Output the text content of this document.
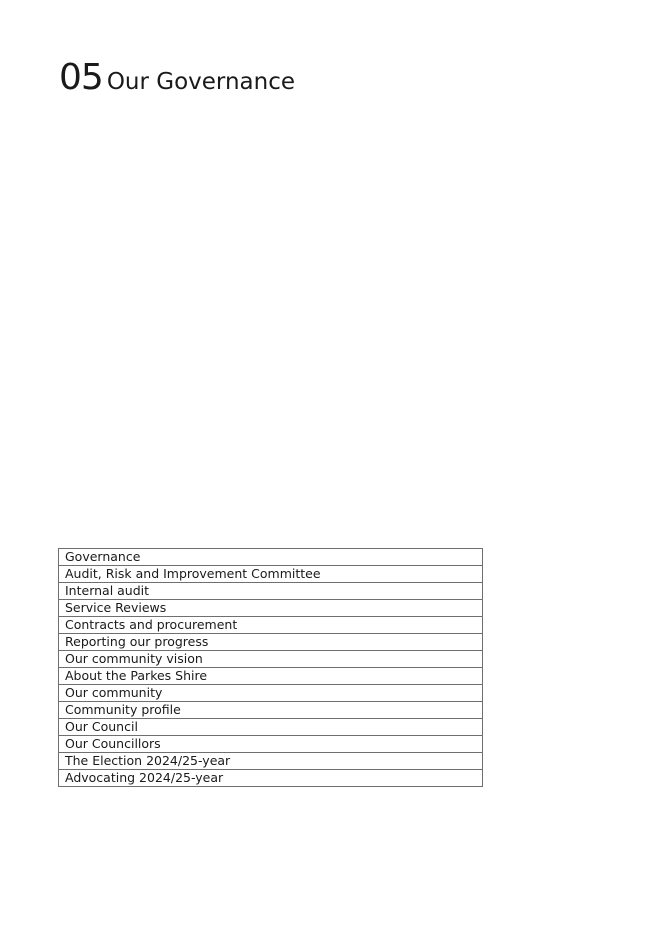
05 Our Governance
Governance
Audit, Risk and Improvement Committee
Internal audit
Service Reviews
Contracts and procurement
Reporting our progress
Our community vision
About the Parkes Shire
Our community
Community profile
Our Council
Our Councillors
The Election 2024/25-year
Advocating 2024/25-year
